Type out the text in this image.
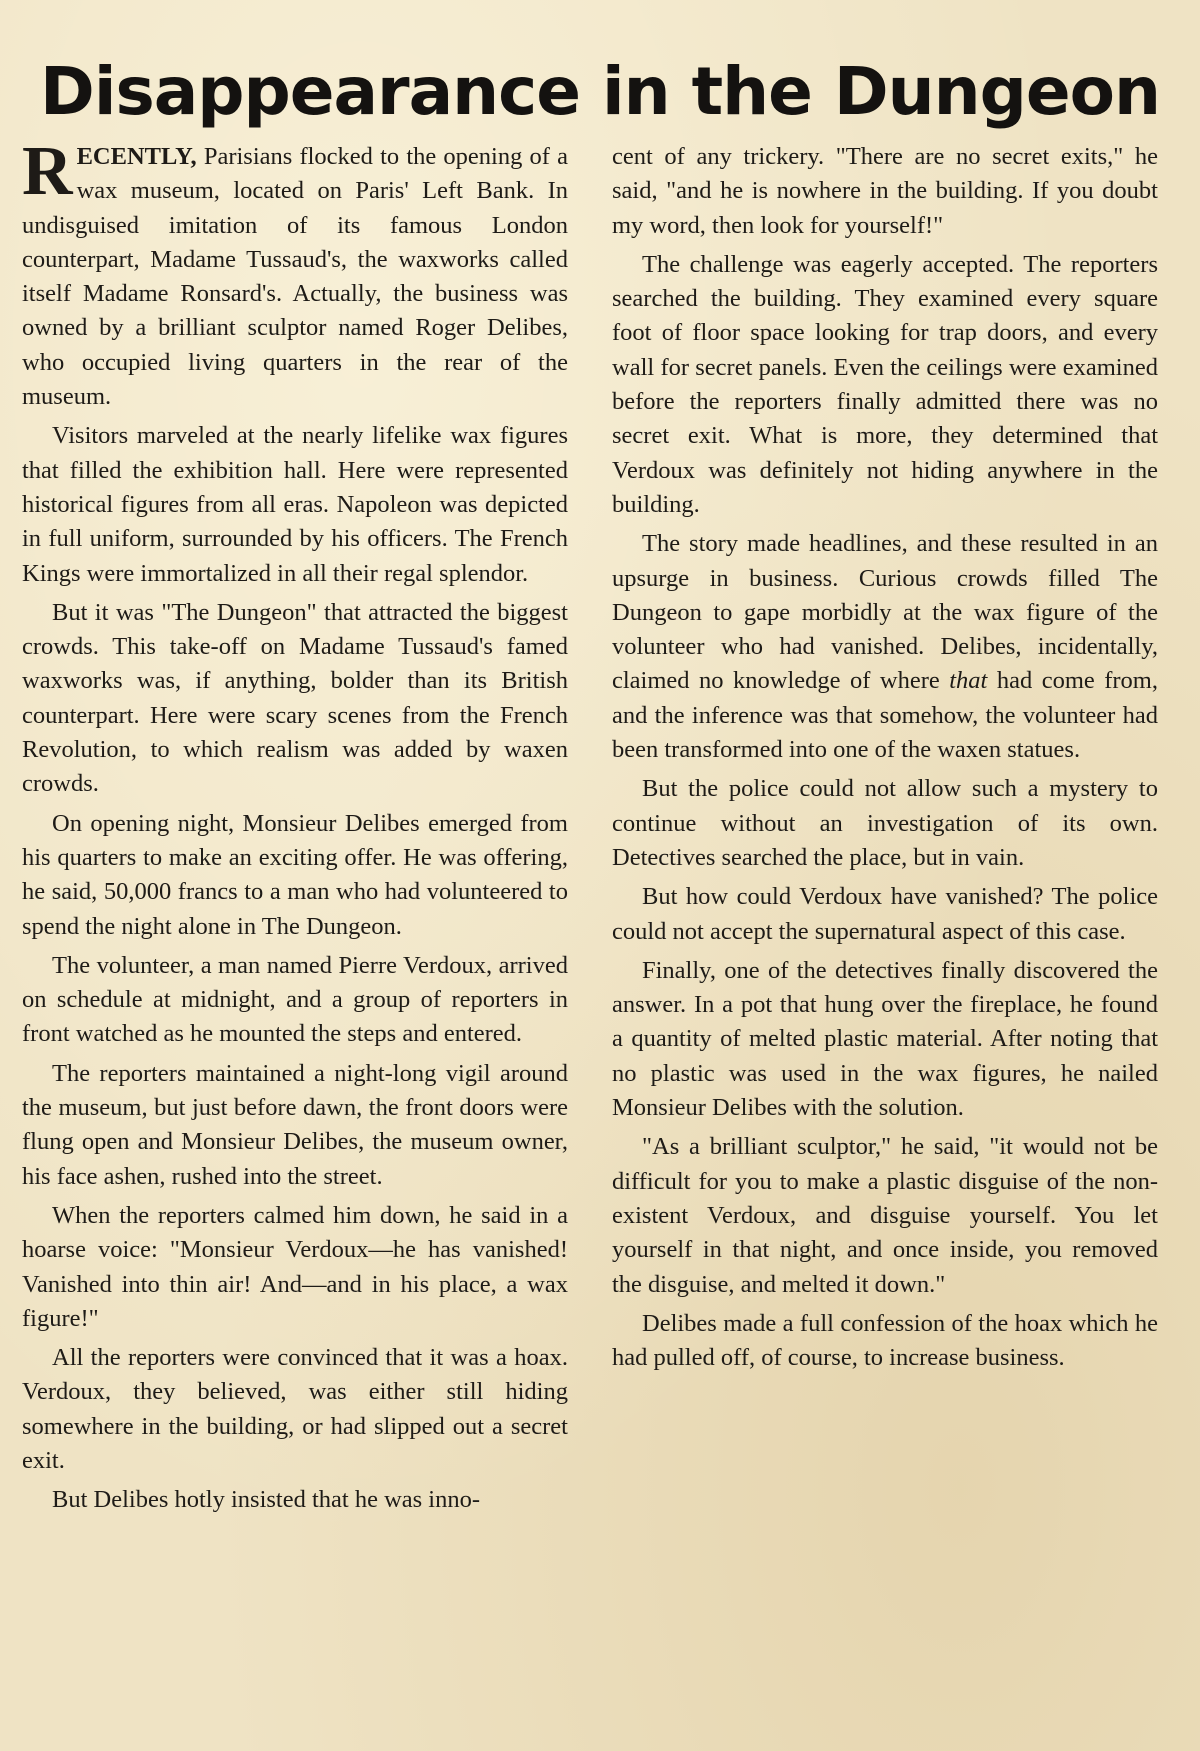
Disappearance in the Dungeon

RECENTLY, Parisians flocked to the opening of a wax museum, located on Paris' Left Bank. In undisguised imitation of its famous London counterpart, Madame Tussaud's, the waxworks called itself Madame Ronsard's. Actually, the business was owned by a brilliant sculptor named Roger Delibes, who occupied living quarters in the rear of the museum.

Visitors marveled at the nearly lifelike wax figures that filled the exhibition hall. Here were represented historical figures from all eras. Napoleon was depicted in full uniform, surrounded by his officers. The French Kings were immortalized in all their regal splendor.

But it was "The Dungeon" that attracted the biggest crowds. This take-off on Madame Tussaud's famed waxworks was, if anything, bolder than its British counterpart. Here were scary scenes from the French Revolution, to which realism was added by waxen crowds.

On opening night, Monsieur Delibes emerged from his quarters to make an exciting offer. He was offering, he said, 50,000 francs to a man who had volunteered to spend the night alone in The Dungeon.

The volunteer, a man named Pierre Verdoux, arrived on schedule at midnight, and a group of reporters in front watched as he mounted the steps and entered.

The reporters maintained a night-long vigil around the museum, but just before dawn, the front doors were flung open and Monsieur Delibes, the museum owner, his face ashen, rushed into the street.

When the reporters calmed him down, he said in a hoarse voice: "Monsieur Verdoux—he has vanished! Vanished into thin air! And—and in his place, a wax figure!"

All the reporters were convinced that it was a hoax. Verdoux, they believed, was either still hiding somewhere in the building, or had slipped out a secret exit.

But Delibes hotly insisted that he was inno-

cent of any trickery. "There are no secret exits," he said, "and he is nowhere in the building. If you doubt my word, then look for yourself!"

The challenge was eagerly accepted. The reporters searched the building. They examined every square foot of floor space looking for trap doors, and every wall for secret panels. Even the ceilings were examined before the reporters finally admitted there was no secret exit. What is more, they determined that Verdoux was definitely not hiding anywhere in the building.

The story made headlines, and these resulted in an upsurge in business. Curious crowds filled The Dungeon to gape morbidly at the wax figure of the volunteer who had vanished. Delibes, incidentally, claimed no knowledge of where that had come from, and the inference was that somehow, the volunteer had been transformed into one of the waxen statues.

But the police could not allow such a mystery to continue without an investigation of its own. Detectives searched the place, but in vain.

But how could Verdoux have vanished? The police could not accept the supernatural aspect of this case.

Finally, one of the detectives finally discovered the answer. In a pot that hung over the fireplace, he found a quantity of melted plastic material. After noting that no plastic was used in the wax figures, he nailed Monsieur Delibes with the solution.

"As a brilliant sculptor," he said, "it would not be difficult for you to make a plastic disguise of the non-existent Verdoux, and disguise yourself. You let yourself in that night, and once inside, you removed the disguise, and melted it down."

Delibes made a full confession of the hoax which he had pulled off, of course, to increase business.
